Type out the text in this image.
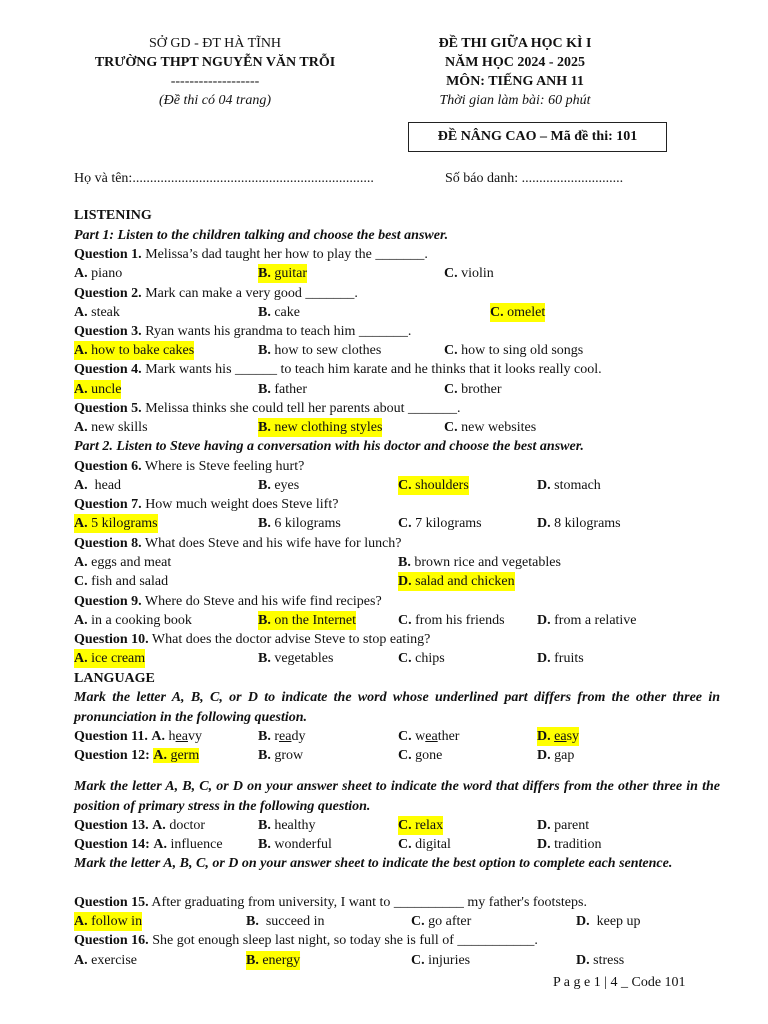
SỞ GD - ĐT HÀ TĨNH
TRƯỜNG THPT NGUYỄN VĂN TRỖI
-------------------
(Đề thi có 04 trang)
ĐỀ THI GIỮA HỌC KÌ I
NĂM HỌC 2024 - 2025
MÔN: TIẾNG ANH 11
Thời gian làm bài: 60 phút
ĐỀ NÂNG CAO – Mã đề thi: 101
Họ và tên:.....................................................................	Số báo danh: .............................
LISTENING
Part 1: Listen to the children talking and choose the best answer.
Question 1. Melissa’s dad taught her how to play the _______.
A. piano	B. guitar	C. violin
Question 2. Mark can make a very good _______.
A. steak	B. cake	C. omelet
Question 3. Ryan wants his grandma to teach him _______.
A. how to bake cakes	B. how to sew clothes	C. how to sing old songs
Question 4. Mark wants his ______ to teach him karate and he thinks that it looks really cool.
A. uncle	B. father	C. brother
Question 5. Melissa thinks she could tell her parents about _______.
A. new skills	B. new clothing styles	C. new websites
Part 2. Listen to Steve having a conversation with his doctor and choose the best answer.
Question 6. Where is Steve feeling hurt?
A. head	B. eyes	C. shoulders	D. stomach
Question 7. How much weight does Steve lift?
A. 5 kilograms	B. 6 kilograms	C. 7 kilograms	D. 8 kilograms
Question 8. What does Steve and his wife have for lunch?
A. eggs and meat	B. brown rice and vegetables
C. fish and salad	D. salad and chicken
Question 9. Where do Steve and his wife find recipes?
A. in a cooking book	B. on the Internet	C. from his friends D. from a relative
Question 10. What does the doctor advise Steve to stop eating?
A. ice cream	B. vegetables	C. chips	D. fruits
LANGUAGE
Mark the letter A, B, C, or D to indicate the word whose underlined part differs from the other three in pronunciation in the following question.
Question 11. A. heavy	B. ready	C. weather	D. easy
Question 12: A. germ	B. grow	C. gone	D. gap
Mark the letter A, B, C, or D on your answer sheet to indicate the word that differs from the other three in the position of primary stress in the following question.
Question 13. A. doctor	B. healthy	C. relax	D. parent
Question 14: A. influence	B. wonderful	C. digital	D. tradition
Mark the letter A, B, C, or D on your answer sheet to indicate the best option to complete each sentence.
Question 15. After graduating from university, I want to __________ my father's footsteps.
A. follow in	B. succeed in	C. go after	D. keep up
Question 16. She got enough sleep last night, so today she is full of ___________.
A. exercise	B. energy	C. injuries	D. stress
P a g e 1 | 4 _ Code 101
